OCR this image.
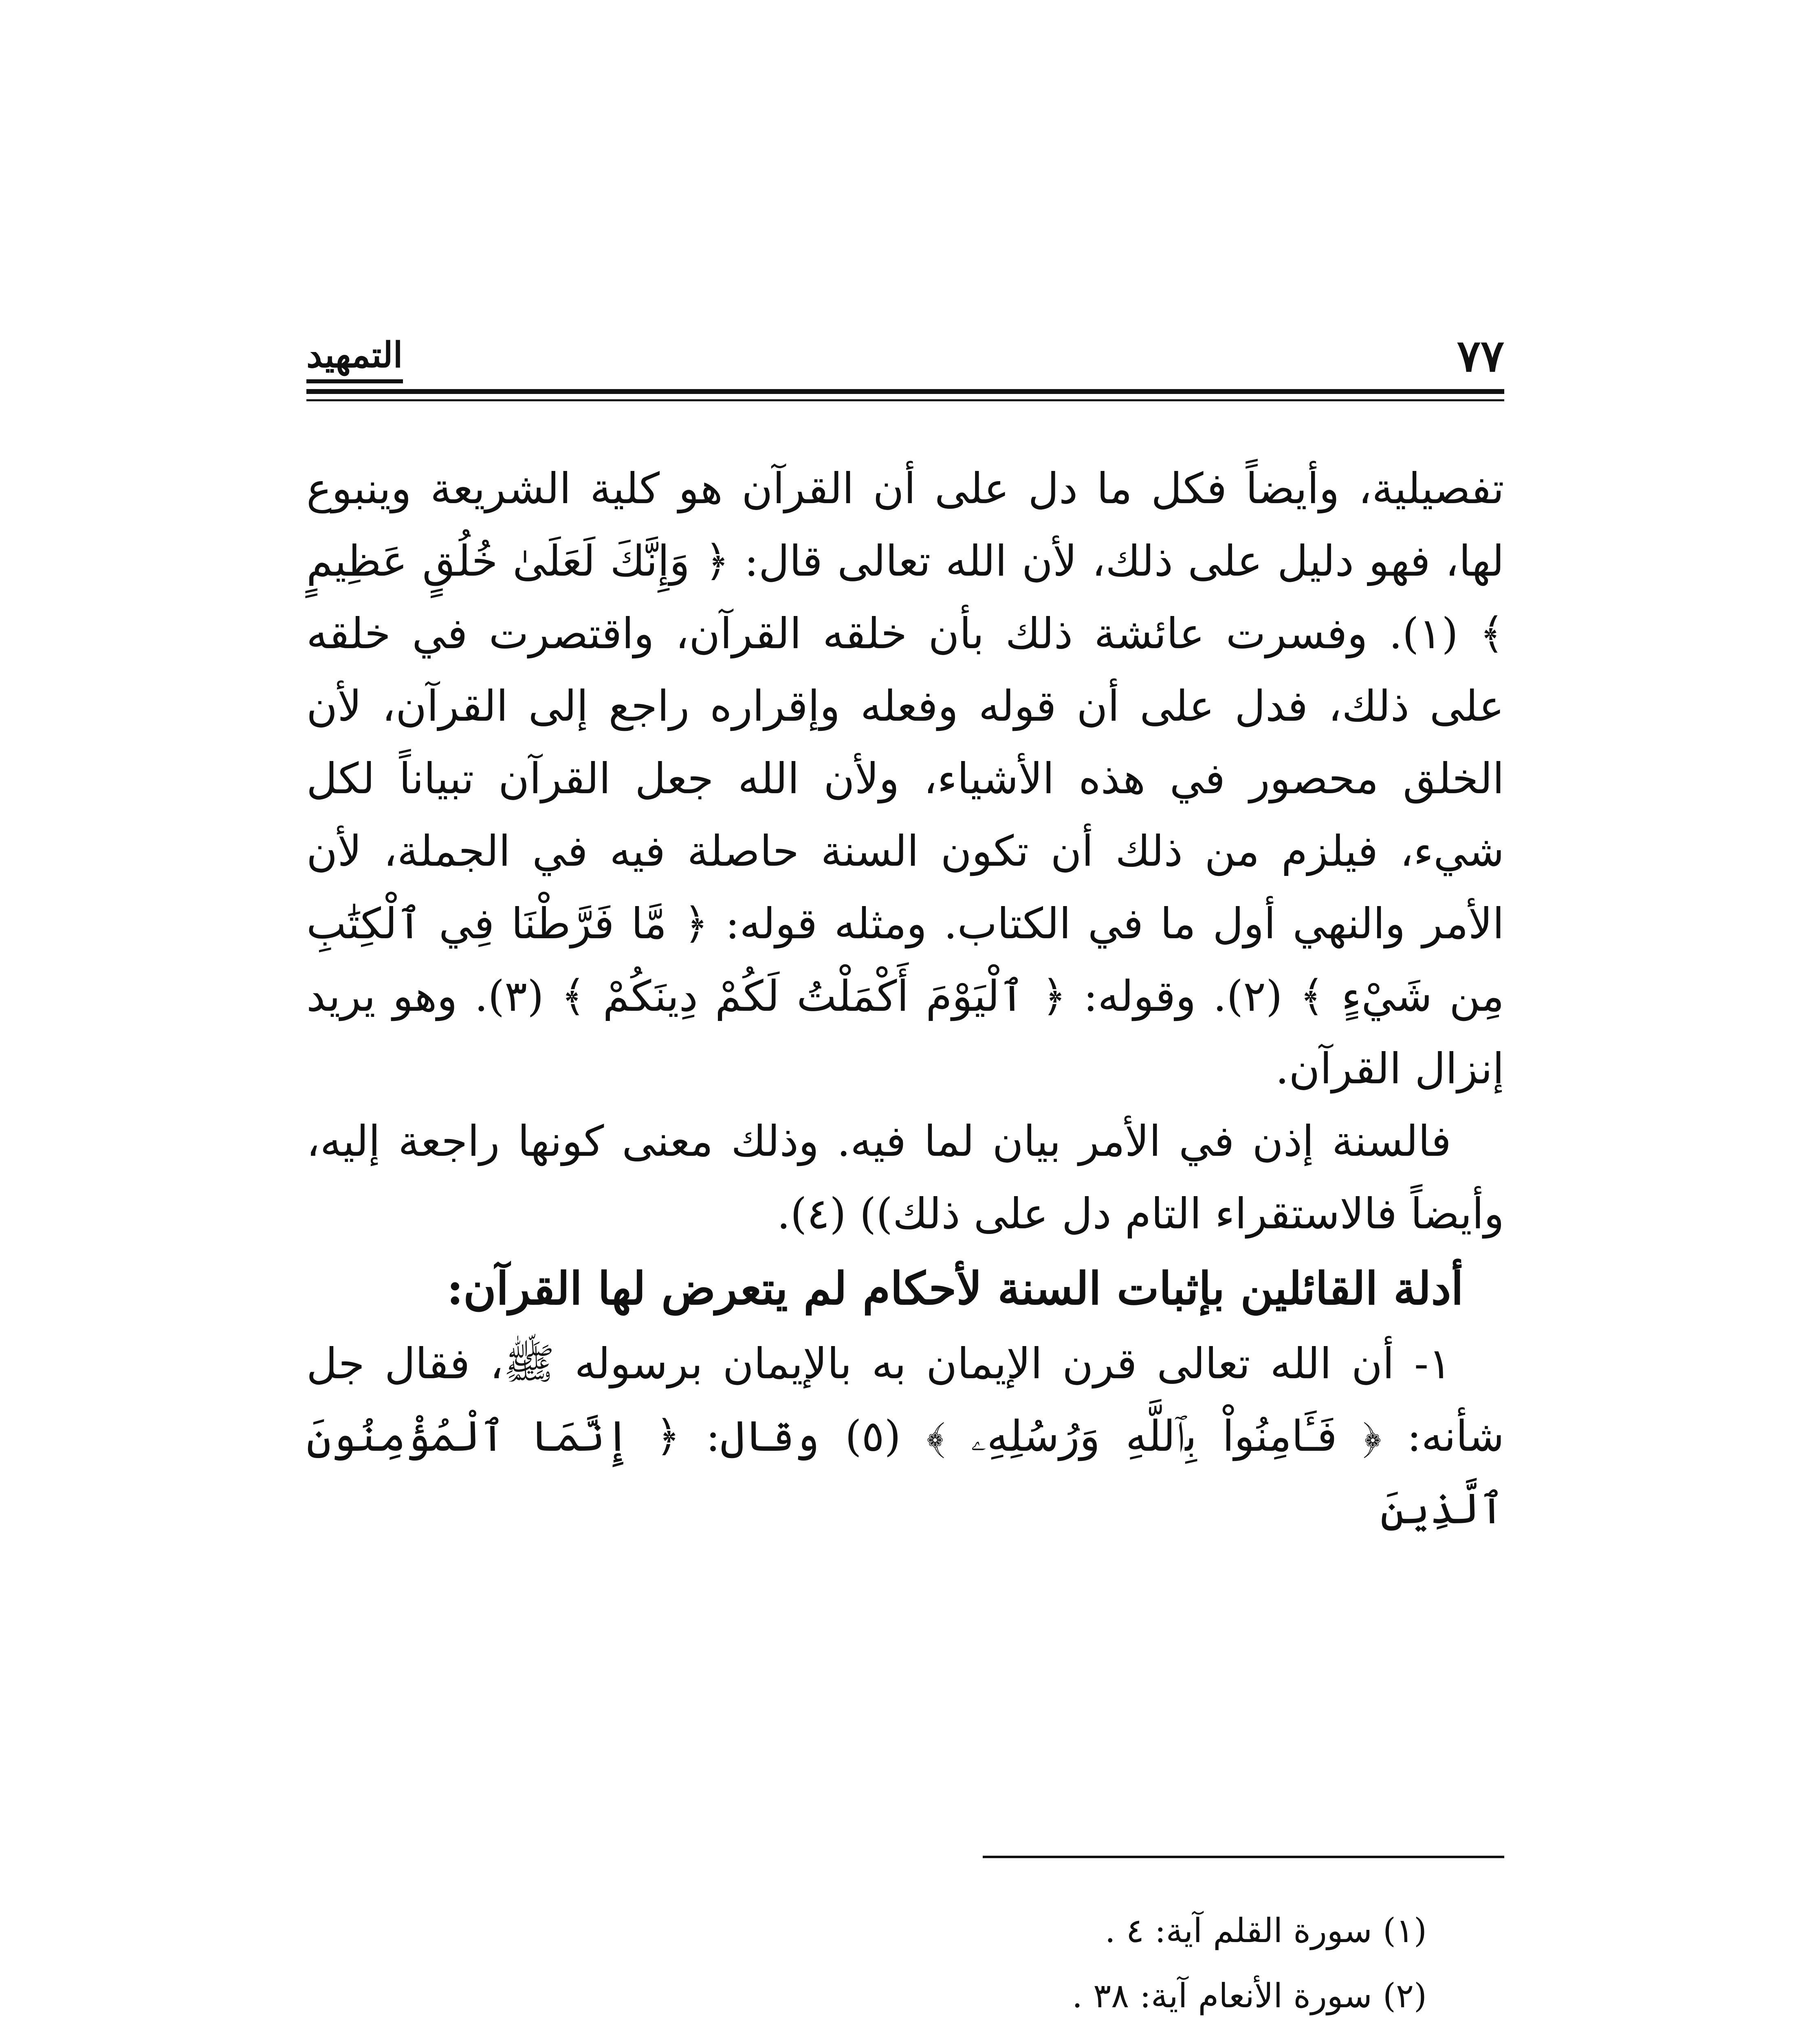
٧٧
التمهيد

تفصيلية، وأيضاً فكل ما دل على أن القرآن هو كلية الشريعة وينبوع لها، فهو دليل على ذلك، لأن الله تعالى قال: ﴿ وَإِنَّكَ لَعَلَىٰ خُلُقٍ عَظِيمٍ ﴾ (١). وفسرت عائشة ذلك بأن خلقه القرآن، واقتصرت في خلقه على ذلك، فدل على أن قوله وفعله وإقراره راجع إلى القرآن، لأن الخلق محصور في هذه الأشياء، ولأن الله جعل القرآن تبياناً لكل شيء، فيلزم من ذلك أن تكون السنة حاصلة فيه في الجملة، لأن الأمر والنهي أول ما في الكتاب. ومثله قوله: ﴿ مَّا فَرَّطْنَا فِي ٱلْكِتَٰبِ مِن شَيْءٍ ﴾ (٢). وقوله: ﴿ ٱلْيَوْمَ أَكْمَلْتُ لَكُمْ دِينَكُمْ ﴾ (٣). وهو يريد إنزال القرآن.

فالسنة إذن في الأمر بيان لما فيه. وذلك معنى كونها راجعة إليه، وأيضاً فالاستقراء التام دل على ذلك)) (٤).

أدلة القائلين بإثبات السنة لأحكام لم يتعرض لها القرآن:

١- أن الله تعالى قرن الإيمان به بالإيمان برسوله ﷺ، فقال جل شأنه: ﴿ فَـَٔامِنُواْ بِٱللَّهِ وَرُسُلِهِۦ ﴾ (٥) وقال: ﴿ إِنَّمَا ٱلْمُؤْمِنُونَ ٱلَّذِينَ

(١) سورة القلم آية: ٤ .
(٢) سورة الأنعام آية: ٣٨ .
